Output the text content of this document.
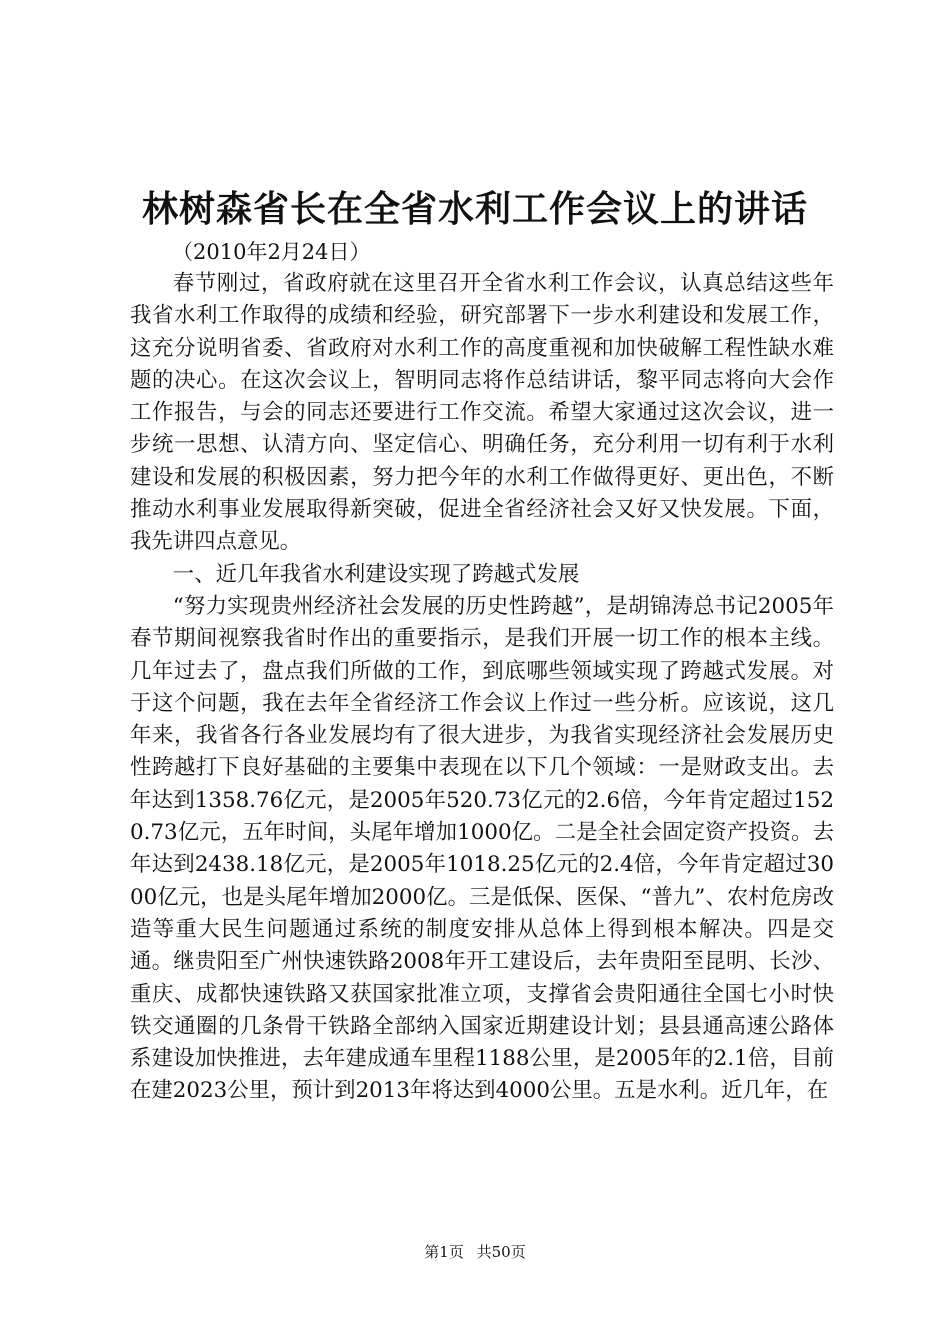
林树森省长在全省水利工作会议上的讲话

（2010年2月24日）

春节刚过，省政府就在这里召开全省水利工作会议，认真总结这些年我省水利工作取得的成绩和经验，研究部署下一步水利建设和发展工作，这充分说明省委、省政府对水利工作的高度重视和加快破解工程性缺水难题的决心。在这次会议上，智明同志将作总结讲话，黎平同志将向大会作工作报告，与会的同志还要进行工作交流。希望大家通过这次会议，进一步统一思想、认清方向、坚定信心、明确任务，充分利用一切有利于水利建设和发展的积极因素，努力把今年的水利工作做得更好、更出色，不断推动水利事业发展取得新突破，促进全省经济社会又好又快发展。下面，我先讲四点意见。

一、近几年我省水利建设实现了跨越式发展

“努力实现贵州经济社会发展的历史性跨越”，是胡锦涛总书记2005年春节期间视察我省时作出的重要指示，是我们开展一切工作的根本主线。几年过去了，盘点我们所做的工作，到底哪些领域实现了跨越式发展。对于这个问题，我在去年全省经济工作会议上作过一些分析。应该说，这几年来，我省各行各业发展均有了很大进步，为我省实现经济社会发展历史性跨越打下良好基础的主要集中表现在以下几个领域：一是财政支出。去年达到1358.76亿元，是2005年520.73亿元的2.6倍，今年肯定超过1520.73亿元，五年时间，头尾年增加1000亿。二是全社会固定资产投资。去年达到2438.18亿元，是2005年1018.25亿元的2.4倍，今年肯定超过3000亿元，也是头尾年增加2000亿。三是低保、医保、“普九”、农村危房改造等重大民生问题通过系统的制度安排从总体上得到根本解决。四是交通。继贵阳至广州快速铁路2008年开工建设后，去年贵阳至昆明、长沙、重庆、成都快速铁路又获国家批准立项，支撑省会贵阳通往全国七小时快铁交通圈的几条骨干铁路全部纳入国家近期建设计划；县县通高速公路体系建设加快推进，去年建成通车里程1188公里，是2005年的2.1倍，目前在建2023公里，预计到2013年将达到4000公里。五是水利。近几年，在

第1页 共50页
